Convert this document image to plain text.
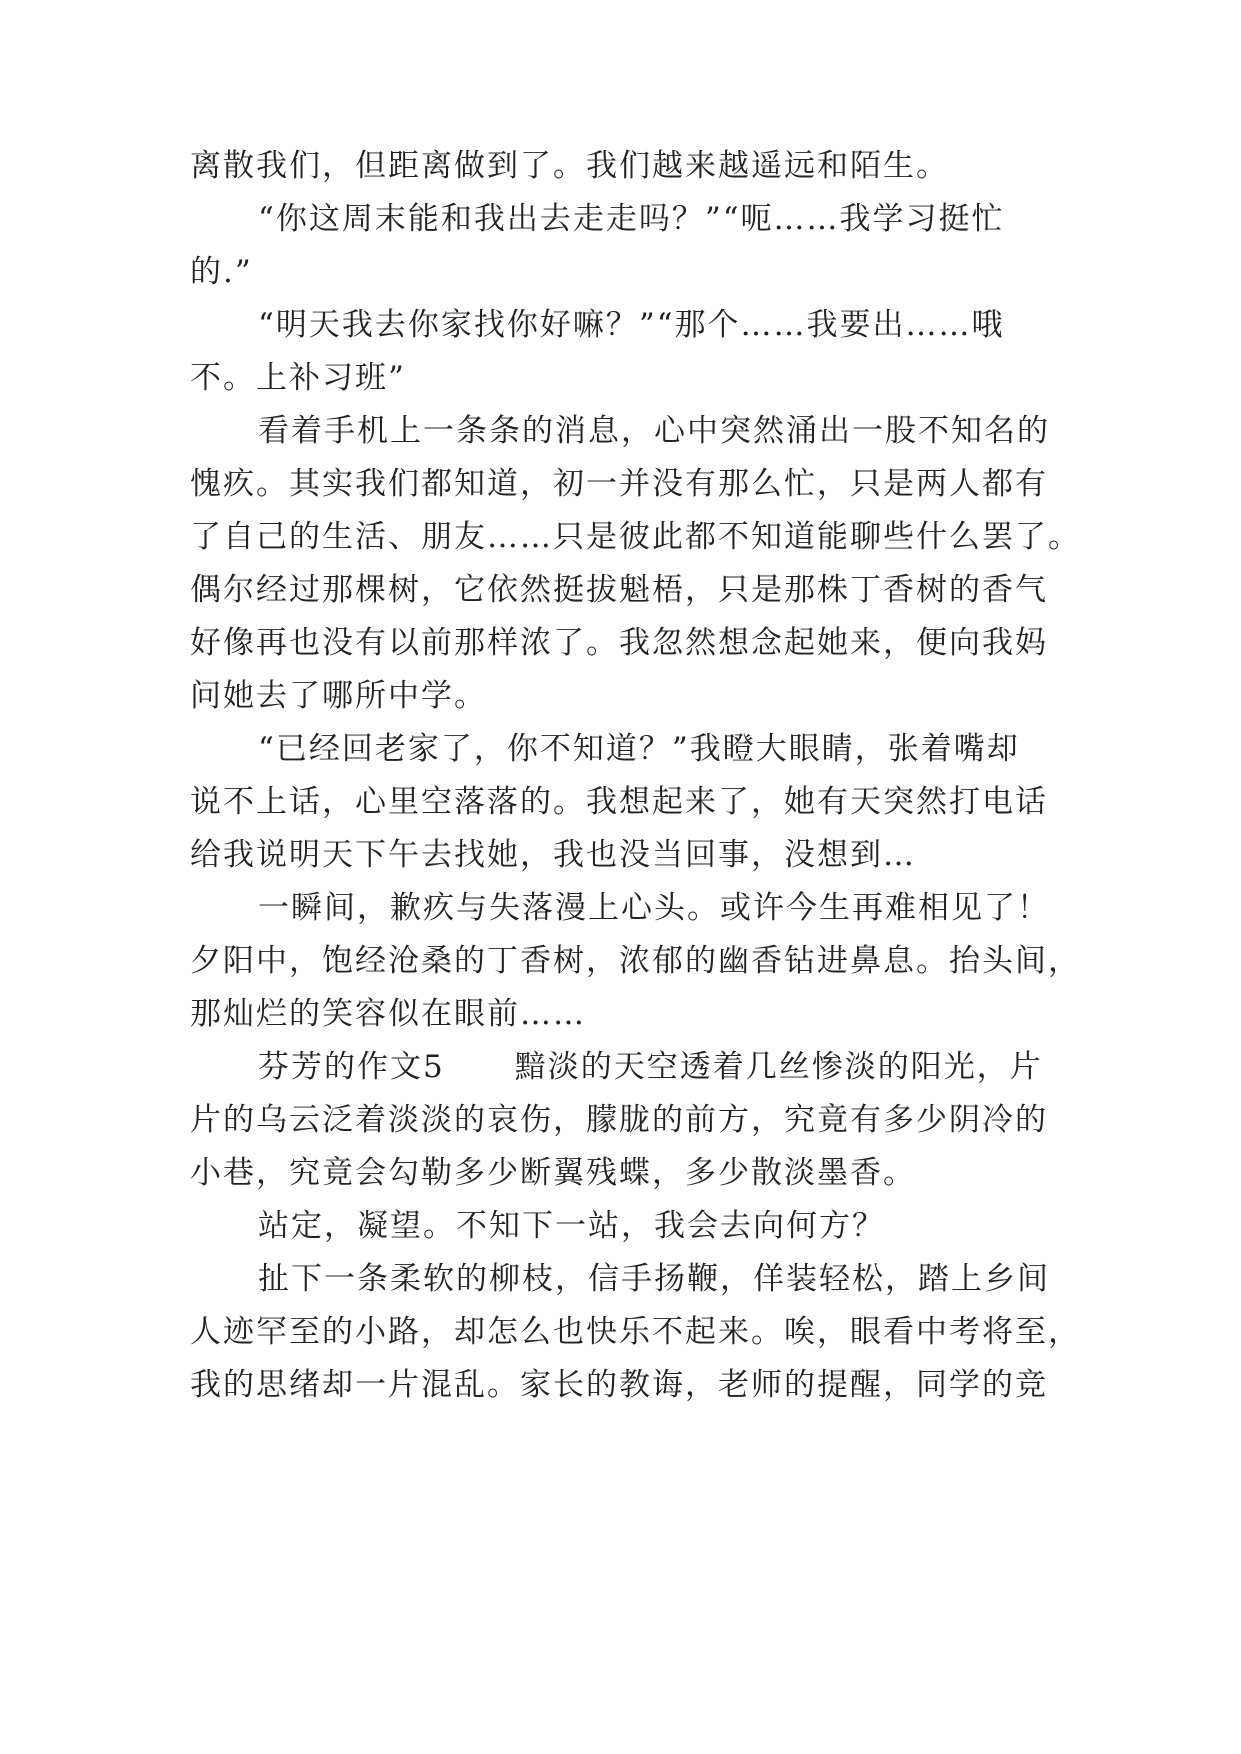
离散我们，但距离做到了。我们越来越遥远和陌生。
“你这周末能和我出去走走吗？”“呃……我学习挺忙
的.”
“明天我去你家找你好嘛？”“那个……我要出……哦
不。上补习班”
看着手机上一条条的消息，心中突然涌出一股不知名的
愧疚。其实我们都知道，初一并没有那么忙，只是两人都有
了自己的生活、朋友……只是彼此都不知道能聊些什么罢了。
偶尔经过那棵树，它依然挺拔魁梧，只是那株丁香树的香气
好像再也没有以前那样浓了。我忽然想念起她来，便向我妈
问她去了哪所中学。
“已经回老家了，你不知道？”我瞪大眼睛，张着嘴却
说不上话，心里空落落的。我想起来了，她有天突然打电话
给我说明天下午去找她，我也没当回事，没想到…
一瞬间，歉疚与失落漫上心头。或许今生再难相见了！
夕阳中，饱经沧桑的丁香树，浓郁的幽香钻进鼻息。抬头间，
那灿烂的笑容似在眼前……
芬芳的作文5 黯淡的天空透着几丝惨淡的阳光，片
片的乌云泛着淡淡的哀伤，朦胧的前方，究竟有多少阴冷的
小巷，究竟会勾勒多少断翼残蝶，多少散淡墨香。
站定，凝望。不知下一站，我会去向何方？
扯下一条柔软的柳枝，信手扬鞭，佯装轻松，踏上乡间
人迹罕至的小路，却怎么也快乐不起来。唉，眼看中考将至，
我的思绪却一片混乱。家长的教诲，老师的提醒，同学的竞
